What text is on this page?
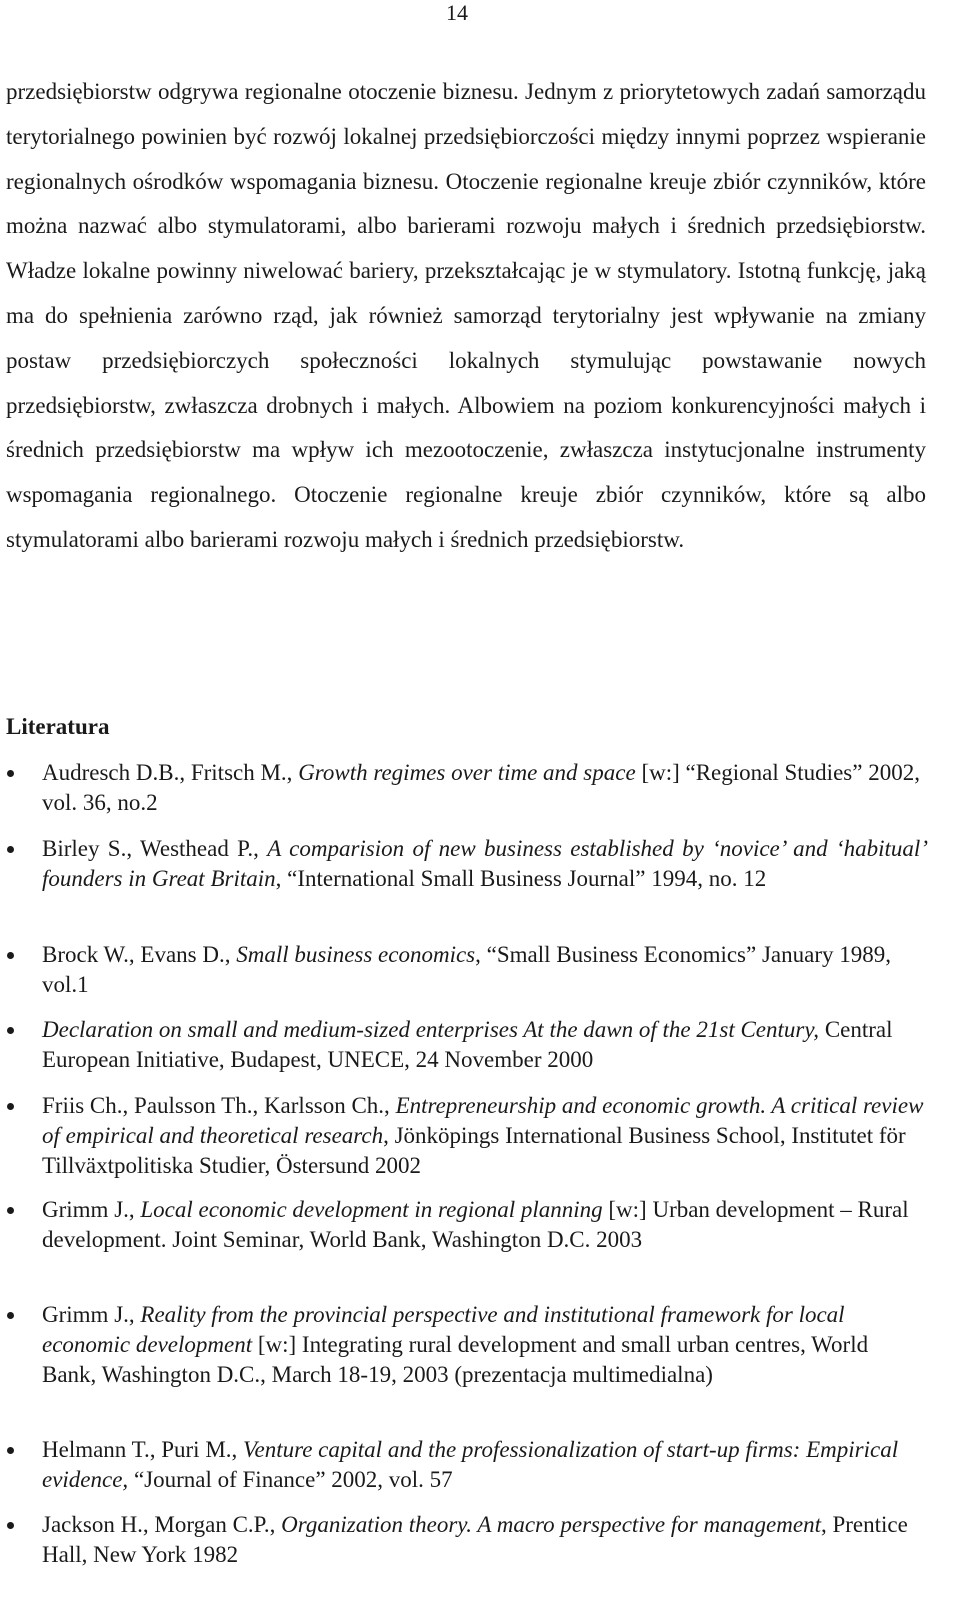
14

przedsiębiorstw odgrywa regionalne otoczenie biznesu. Jednym z priorytetowych zadań samorządu terytorialnego powinien być rozwój lokalnej przedsiębiorczości między innymi poprzez wspieranie regionalnych ośrodków wspomagania biznesu. Otoczenie regionalne kreuje zbiór czynników, które można nazwać albo stymulatorami, albo barierami rozwoju małych i średnich przedsiębiorstw. Władze lokalne powinny niwelować bariery, przekształcając je w stymulatory. Istotną funkcję, jaką ma do spełnienia zarówno rząd, jak również samorząd terytorialny jest wpływanie na zmiany postaw przedsiębiorczych społeczności lokalnych stymulując powstawanie nowych przedsiębiorstw, zwłaszcza drobnych i małych. Albowiem na poziom konkurencyjności małych i średnich przedsiębiorstw ma wpływ ich mezootoczenie, zwłaszcza instytucjonalne instrumenty wspomagania regionalnego. Otoczenie regionalne kreuje zbiór czynników, które są albo stymulatorami albo barierami rozwoju małych i średnich przedsiębiorstw.

Literatura
Audresch D.B., Fritsch M., Growth regimes over time and space [w:] “Regional Studies” 2002, vol. 36, no.2
Birley S., Westhead P., A comparision of new business established by ‘novice’ and ‘habitual’ founders in Great Britain, “International Small Business Journal” 1994, no. 12
Brock W., Evans D., Small business economics, “Small Business Economics” January 1989, vol.1
Declaration on small and medium-sized enterprises At the dawn of the 21st Century, Central European Initiative, Budapest, UNECE, 24 November 2000
Friis Ch., Paulsson Th., Karlsson Ch., Entrepreneurship and economic growth. A critical review of empirical and theoretical research, Jönköpings International Business School, Institutet för Tillväxtpolitiska Studier, Östersund 2002
Grimm J., Local economic development in regional planning [w:] Urban development – Rural development. Joint Seminar, World Bank, Washington D.C. 2003
Grimm J., Reality from the provincial perspective and institutional framework for local economic development [w:] Integrating rural development and small urban centres, World Bank, Washington D.C., March 18-19, 2003 (prezentacja multimedialna)
Helmann T., Puri M., Venture capital and the professionalization of start-up firms: Empirical evidence, “Journal of Finance” 2002, vol. 57
Jackson H., Morgan C.P., Organization theory. A macro perspective for management, Prentice Hall, New York 1982
